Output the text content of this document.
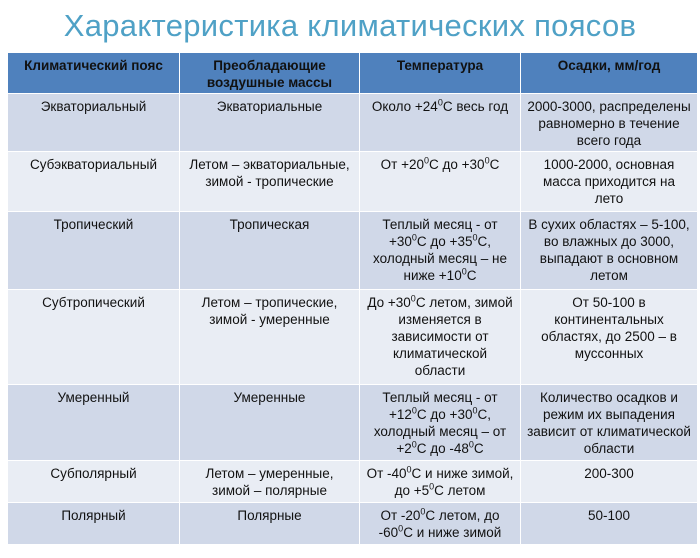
Характеристика климатических поясов
Климатический пояс	Преобладающие воздушные массы	Температура	Осадки, мм/год
Экваториальный	Экваториальные	Около $+24^0С$ весь год	2000-3000, распределены равномерно в течение всего года
Субэкваториальный	Летом – экваториальные, зимой - тропические	От $+20^0С$ до $+30^0С$	1000-2000, основная масса приходится на лето
Тропический	Тропическая	Теплый месяц - от $+30^0С$ до $+35^0С$, холодный месяц – не ниже $+10^0С$	В сухих областях – 5-100, во влажных до 3000, выпадают в основном летом
Субтропический	Летом – тропические, зимой - умеренные	До $+30^0С$ летом, зимой изменяется в зависимости от климатической области	От 50-100 в континентальных областях, до 2500 – в муссонных
Умеренный	Умеренные	Теплый месяц - от $+12^0С$ до $+30^0С$, холодный месяц – от $+2^0С$ до $-48^0С$	Количество осадков и режим их выпадения зависит от климатической области
Субполярный	Летом – умеренные, зимой – полярные	От $-40^0С$ и ниже зимой, до $+5^0С$ летом	200-300
Полярный	Полярные	От $-20^0С$ летом, до $-60^0С$ и ниже зимой	50-100
